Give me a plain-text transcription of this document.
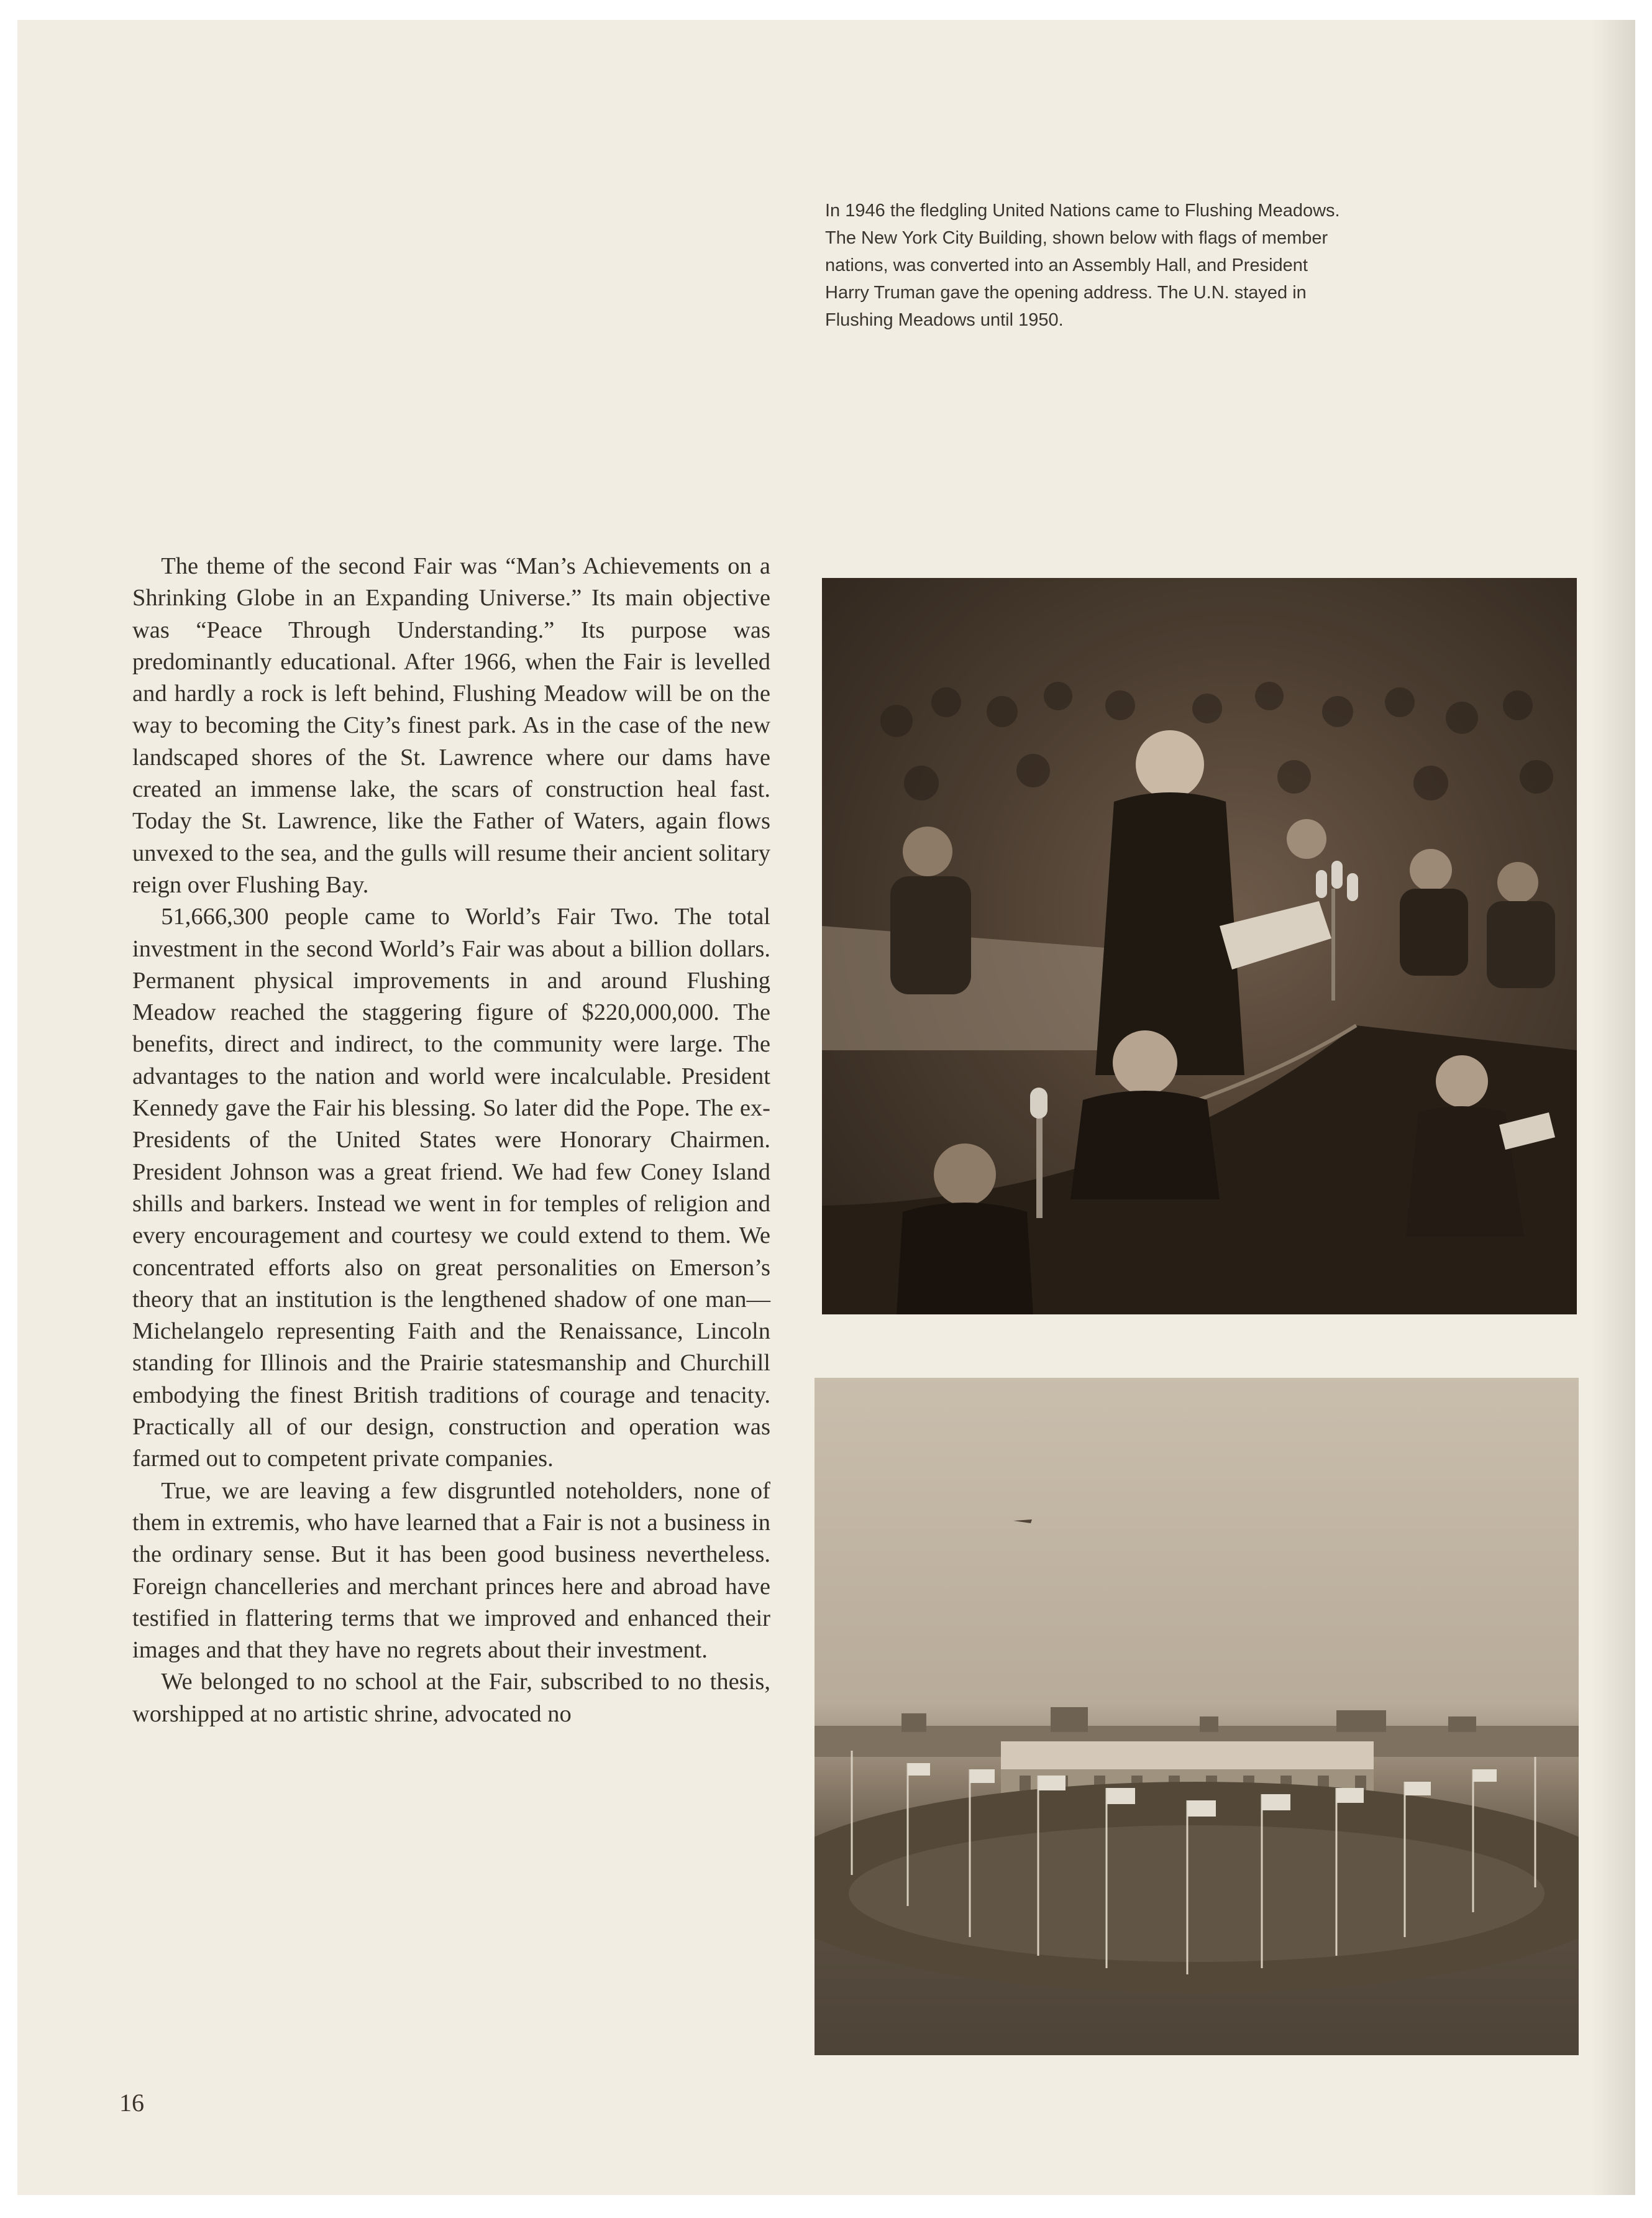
In 1946 the fledgling United Nations came to Flushing Meadows. The New York City Building, shown below with flags of member nations, was converted into an Assembly Hall, and President Harry Truman gave the opening address. The U.N. stayed in Flushing Meadows until 1950.

The theme of the second Fair was “Man’s Achievements on a Shrinking Globe in an Expanding Universe.” Its main objective was “Peace Through Understanding.” Its purpose was predominantly educational. After 1966, when the Fair is levelled and hardly a rock is left behind, Flushing Meadow will be on the way to becoming the City’s finest park. As in the case of the new landscaped shores of the St. Lawrence where our dams have created an immense lake, the scars of construction heal fast. Today the St. Lawrence, like the Father of Waters, again flows unvexed to the sea, and the gulls will resume their ancient solitary reign over Flushing Bay.

51,666,300 people came to World’s Fair Two. The total investment in the second World’s Fair was about a billion dollars. Permanent physical improvements in and around Flushing Meadow reached the staggering figure of $220,000,000. The benefits, direct and indirect, to the community were large. The advantages to the nation and world were incalculable. President Kennedy gave the Fair his blessing. So later did the Pope. The ex-Presidents of the United States were Honorary Chairmen. President Johnson was a great friend. We had few Coney Island shills and barkers. Instead we went in for temples of religion and every encouragement and courtesy we could extend to them. We concentrated efforts also on great personalities on Emerson’s theory that an institution is the lengthened shadow of one man—Michelangelo representing Faith and the Renaissance, Lincoln standing for Illinois and the Prairie statesmanship and Churchill embodying the finest British traditions of courage and tenacity. Practically all of our design, construction and operation was farmed out to competent private companies.

True, we are leaving a few disgruntled noteholders, none of them in extremis, who have learned that a Fair is not a business in the ordinary sense. But it has been good business nevertheless. Foreign chancelleries and merchant princes here and abroad have testified in flattering terms that we improved and enhanced their images and that they have no regrets about their investment.

We belonged to no school at the Fair, subscribed to no thesis, worshipped at no artistic shrine, advocated no

16
